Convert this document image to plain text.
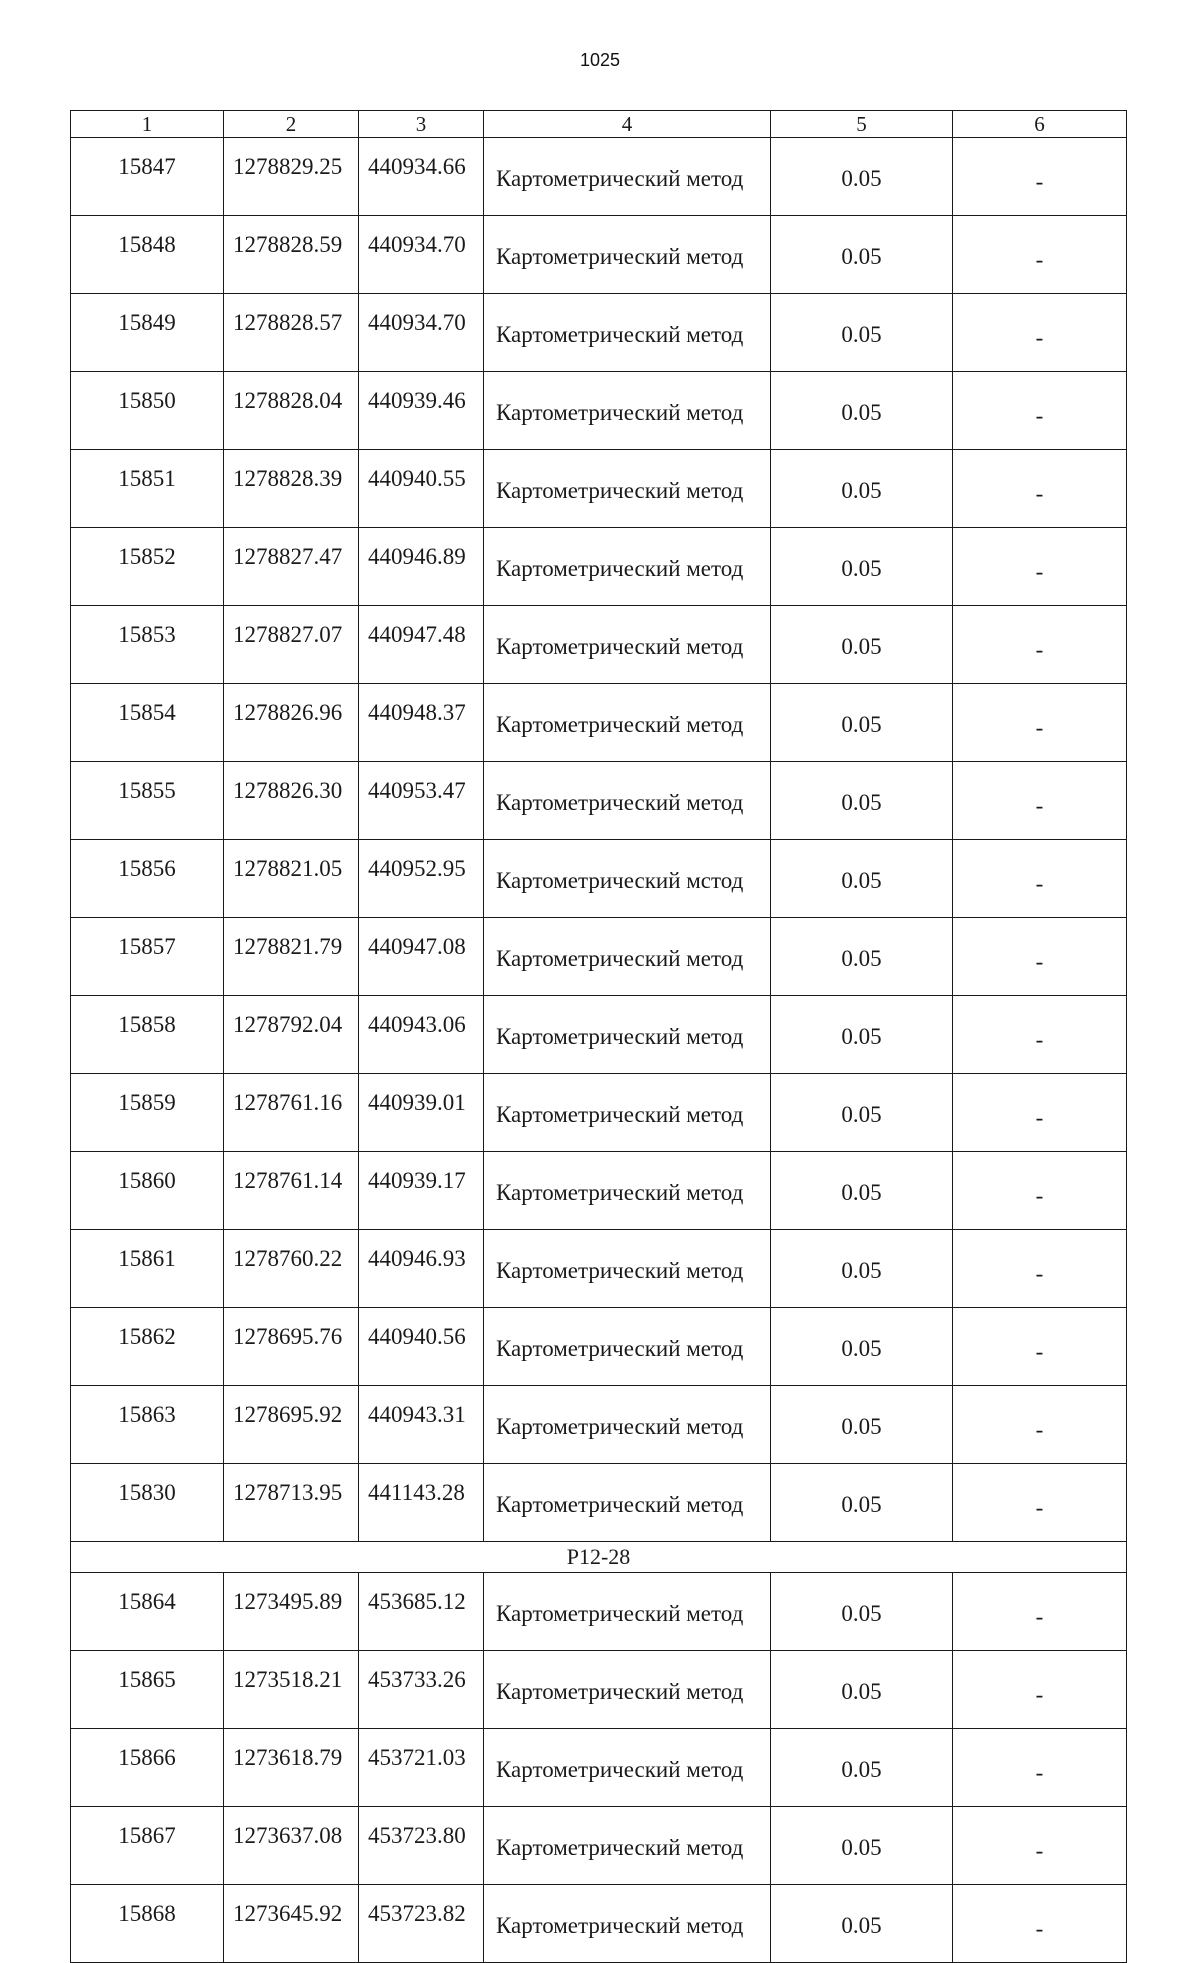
1025
1	2	3	4	5	6
15847	1278829.25	440934.66	Картометрический метод	0.05	-
15848	1278828.59	440934.70	Картометрический метод	0.05	-
15849	1278828.57	440934.70	Картометрический метод	0.05	-
15850	1278828.04	440939.46	Картометрический метод	0.05	-
15851	1278828.39	440940.55	Картометрический метод	0.05	-
15852	1278827.47	440946.89	Картометрический метод	0.05	-
15853	1278827.07	440947.48	Картометрический метод	0.05	-
15854	1278826.96	440948.37	Картометрический метод	0.05	-
15855	1278826.30	440953.47	Картометрический метод	0.05	-
15856	1278821.05	440952.95	Картометрический мстод	0.05	-
15857	1278821.79	440947.08	Картометрический метод	0.05	-
15858	1278792.04	440943.06	Картометрический метод	0.05	-
15859	1278761.16	440939.01	Картометрический метод	0.05	-
15860	1278761.14	440939.17	Картометрический метод	0.05	-
15861	1278760.22	440946.93	Картометрический метод	0.05	-
15862	1278695.76	440940.56	Картометрический метод	0.05	-
15863	1278695.92	440943.31	Картометрический метод	0.05	-
15830	1278713.95	441143.28	Картометрический метод	0.05	-
Р12-28					
15864	1273495.89	453685.12	Картометрический метод	0.05	-
15865	1273518.21	453733.26	Картометрический метод	0.05	-
15866	1273618.79	453721.03	Картометрический метод	0.05	-
15867	1273637.08	453723.80	Картометрический метод	0.05	-
15868	1273645.92	453723.82	Картометрический метод	0.05	-
